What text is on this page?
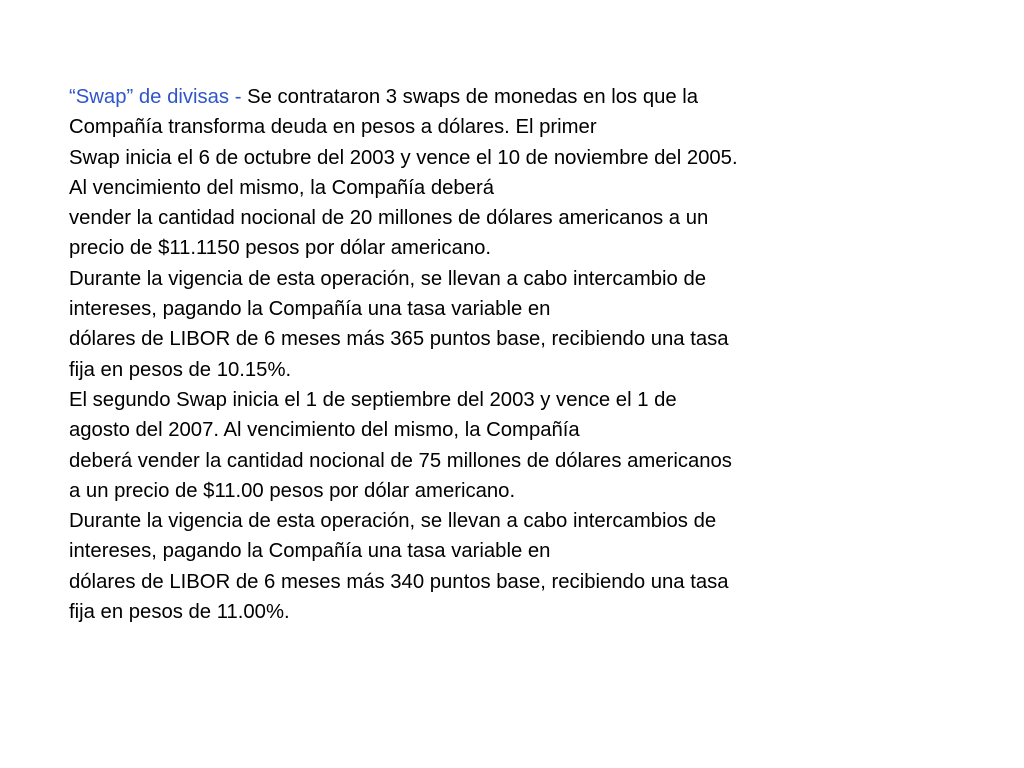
“Swap” de divisas - Se contrataron 3 swaps de monedas en los que la
Compañía transforma deuda en pesos a dólares. El primer
Swap inicia el 6 de octubre del 2003 y vence el 10 de noviembre del 2005.
Al vencimiento del mismo, la Compañía deberá
vender la cantidad nocional de 20 millones de dólares americanos a un
precio de $11.1150 pesos por dólar americano.
Durante la vigencia de esta operación, se llevan a cabo intercambio de
intereses, pagando la Compañía una tasa variable en
dólares de LIBOR de 6 meses más 365 puntos base, recibiendo una tasa
fija en pesos de 10.15%.
El segundo Swap inicia el 1 de septiembre del 2003 y vence el 1 de
agosto del 2007. Al vencimiento del mismo, la Compañía
deberá vender la cantidad nocional de 75 millones de dólares americanos
a un precio de $11.00 pesos por dólar americano.
Durante la vigencia de esta operación, se llevan a cabo intercambios de
intereses, pagando la Compañía una tasa variable en
dólares de LIBOR de 6 meses más 340 puntos base, recibiendo una tasa
fija en pesos de 11.00%.
